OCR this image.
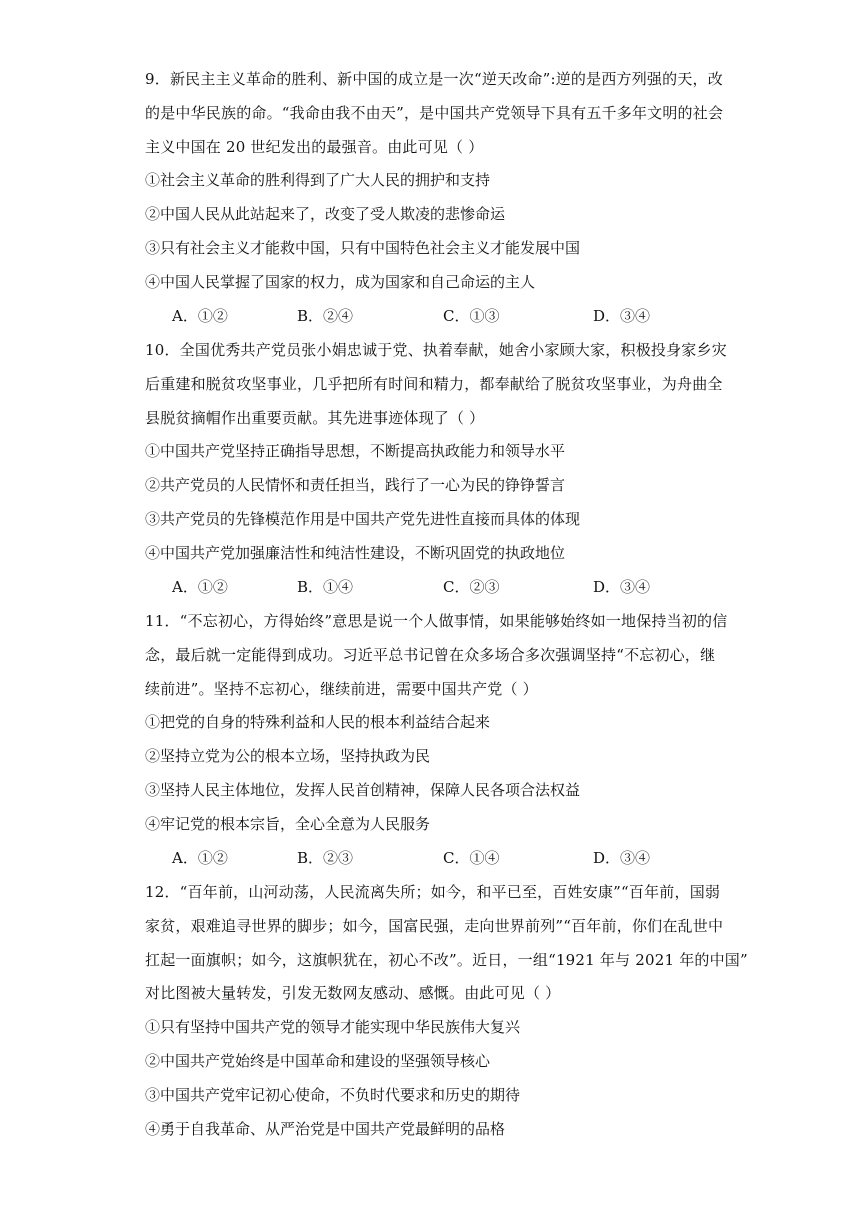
9．新民主主义革命的胜利、新中国的成立是一次“逆天改命”:逆的是西方列强的天，改
的是中华民族的命。“我命由我不由天”，是中国共产党领导下具有五千多年文明的社会
主义中国在 20 世纪发出的最强音。由此可见（ ）
①社会主义革命的胜利得到了广大人民的拥护和支持
②中国人民从此站起来了，改变了受人欺凌的悲惨命运
③只有社会主义才能救中国，只有中国特色社会主义才能发展中国
④中国人民掌握了国家的权力，成为国家和自己命运的主人
A．①②	B．②④	C．①③	D．③④
10．全国优秀共产党员张小娟忠诚于党、执着奉献，她舍小家顾大家，积极投身家乡灾
后重建和脱贫攻坚事业，几乎把所有时间和精力，都奉献给了脱贫攻坚事业，为舟曲全
县脱贫摘帽作出重要贡献。其先进事迹体现了（ ）
①中国共产党坚持正确指导思想，不断提高执政能力和领导水平
②共产党员的人民情怀和责任担当，践行了一心为民的铮铮誓言
③共产党员的先锋模范作用是中国共产党先进性直接而具体的体现
④中国共产党加强廉洁性和纯洁性建设，不断巩固党的执政地位
A．①②	B．①④	C．②③	D．③④
11．“不忘初心，方得始终”意思是说一个人做事情，如果能够始终如一地保持当初的信
念，最后就一定能得到成功。习近平总书记曾在众多场合多次强调坚持“不忘初心，继
续前进”。坚持不忘初心，继续前进，需要中国共产党（ ）
①把党的自身的特殊利益和人民的根本利益结合起来
②坚持立党为公的根本立场，坚持执政为民
③坚持人民主体地位，发挥人民首创精神，保障人民各项合法权益
④牢记党的根本宗旨，全心全意为人民服务
A．①②	B．②③	C．①④	D．③④
12．“百年前，山河动荡，人民流离失所；如今，和平已至，百姓安康”“百年前，国弱
家贫，艰难追寻世界的脚步；如今，国富民强，走向世界前列”“百年前，你们在乱世中
扛起一面旗帜；如今，这旗帜犹在，初心不改”。近日，一组“1921 年与 2021 年的中国”
对比图被大量转发，引发无数网友感动、感慨。由此可见（ ）
①只有坚持中国共产党的领导才能实现中华民族伟大复兴
②中国共产党始终是中国革命和建设的坚强领导核心
③中国共产党牢记初心使命，不负时代要求和历史的期待
④勇于自我革命、从严治党是中国共产党最鲜明的品格
